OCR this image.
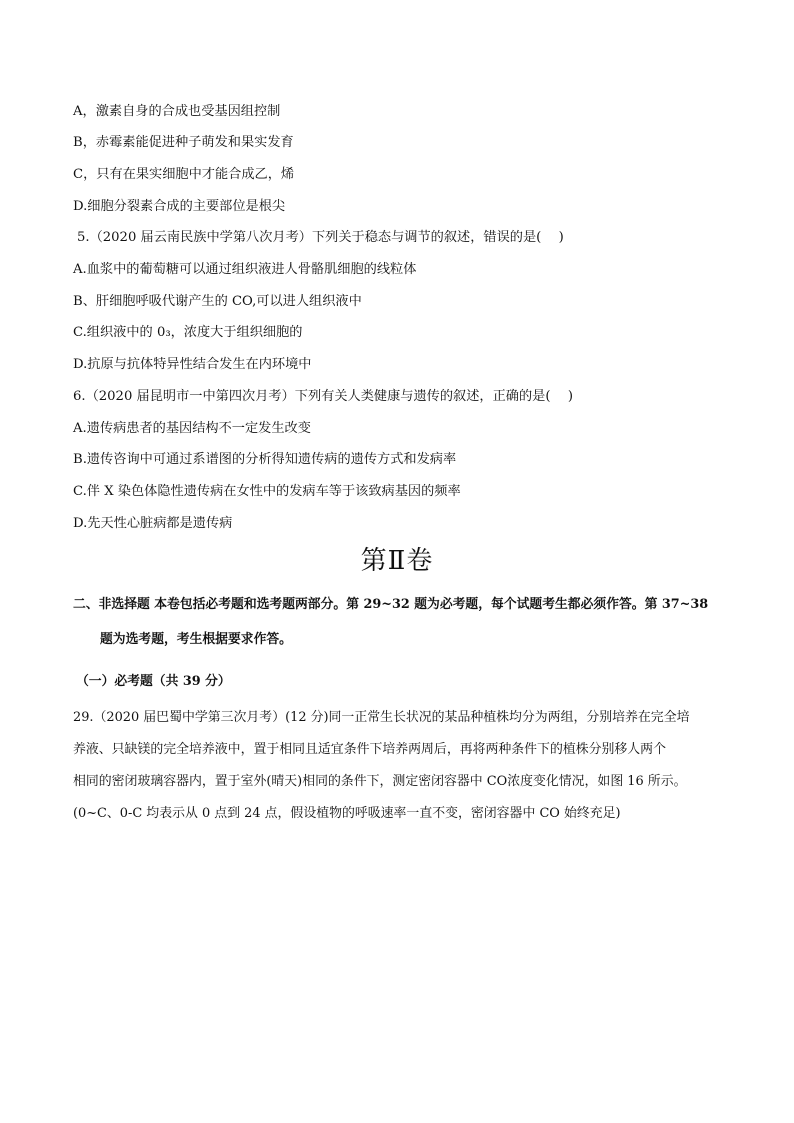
A，激素自身的合成也受基因组控制
B，赤霉素能促进种子萌发和果实发育
C，只有在果实细胞中才能合成乙，烯
D.细胞分裂素合成的主要部位是根尖
5.（2020 届云南民族中学第八次月考）下列关于稳态与调节的叙述，错误的是(　 )
A.血浆中的葡萄糖可以通过组织液进人骨骼肌细胞的线粒体
B、肝细胞呼吸代谢产生的 CO,可以进人组织液中
C.组织液中的 0₃，浓度大于组织细胞的
D.抗原与抗体特异性结合发生在内环境中
6.（2020 届昆明市一中第四次月考）下列有关人类健康与遗传的叙述，正确的是(　 )
A.遗传病患者的基因结构不一定发生改变
B.遗传咨询中可通过系谱图的分析得知遗传病的遗传方式和发病率
C.伴 X 染色体隐性遗传病在女性中的发病车等于该致病基因的频率
D.先天性心脏病都是遗传病
第Ⅱ卷
二、非选择题 本卷包括必考题和选考题两部分。第 29~32 题为必考题，每个试题考生都必须作答。第 37~38
题为选考题，考生根据要求作答。
（一）必考题（共 39 分）
29.（2020 届巴蜀中学第三次月考）(12 分)同一正常生长状况的某品种植株均分为两组，分别培养在完全培
养液、只缺镁的完全培养液中，置于相同且适宜条件下培养两周后，再将两种条件下的植株分别移人两个
相同的密闭玻璃容器内，置于室外(晴天)相同的条件下，测定密闭容器中 CO浓度变化情况，如图 16 所示。
(0~C、0-C 均表示从 0 点到 24 点，假设植物的呼吸速率一直不变，密闭容器中 CO 始终充足)
